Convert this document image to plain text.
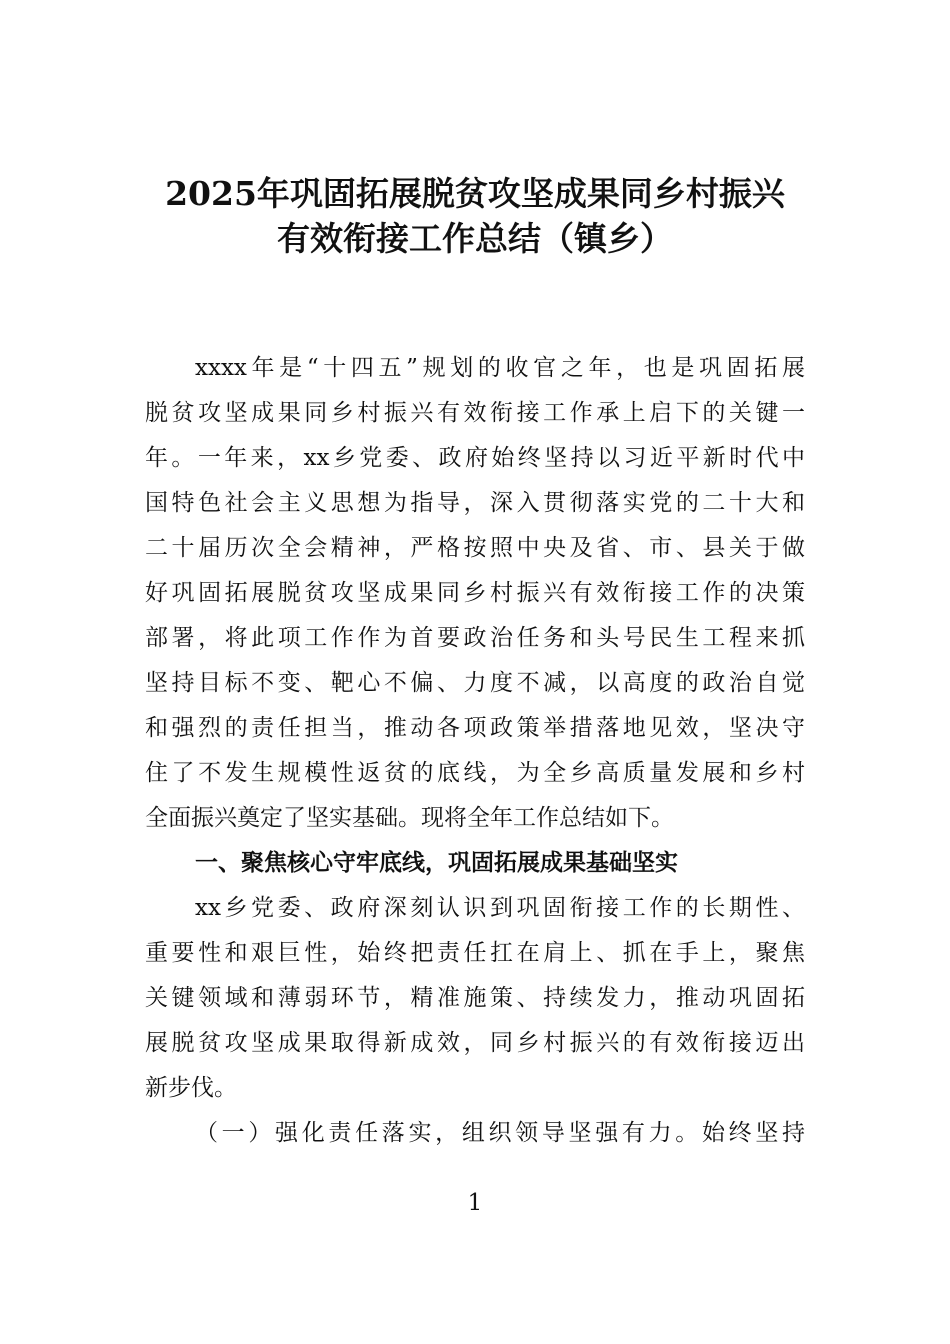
2025年巩固拓展脱贫攻坚成果同乡村振兴
有效衔接工作总结（镇乡）
xxxx年是“十四五”规划的收官之年，也是巩固拓展
脱贫攻坚成果同乡村振兴有效衔接工作承上启下的关键一
年。一年来，xx乡党委、政府始终坚持以习近平新时代中
国特色社会主义思想为指导，深入贯彻落实党的二十大和
二十届历次全会精神，严格按照中央及省、市、县关于做
好巩固拓展脱贫攻坚成果同乡村振兴有效衔接工作的决策
部署，将此项工作作为首要政治任务和头号民生工程来抓
坚持目标不变、靶心不偏、力度不减，以高度的政治自觉
和强烈的责任担当，推动各项政策举措落地见效，坚决守
住了不发生规模性返贫的底线，为全乡高质量发展和乡村
全面振兴奠定了坚实基础。现将全年工作总结如下。
一、聚焦核心守牢底线，巩固拓展成果基础坚实
xx乡党委、政府深刻认识到巩固衔接工作的长期性、
重要性和艰巨性，始终把责任扛在肩上、抓在手上，聚焦
关键领域和薄弱环节，精准施策、持续发力，推动巩固拓
展脱贫攻坚成果取得新成效，同乡村振兴的有效衔接迈出
新步伐。
（一）强化责任落实，组织领导坚强有力。始终坚持
1
